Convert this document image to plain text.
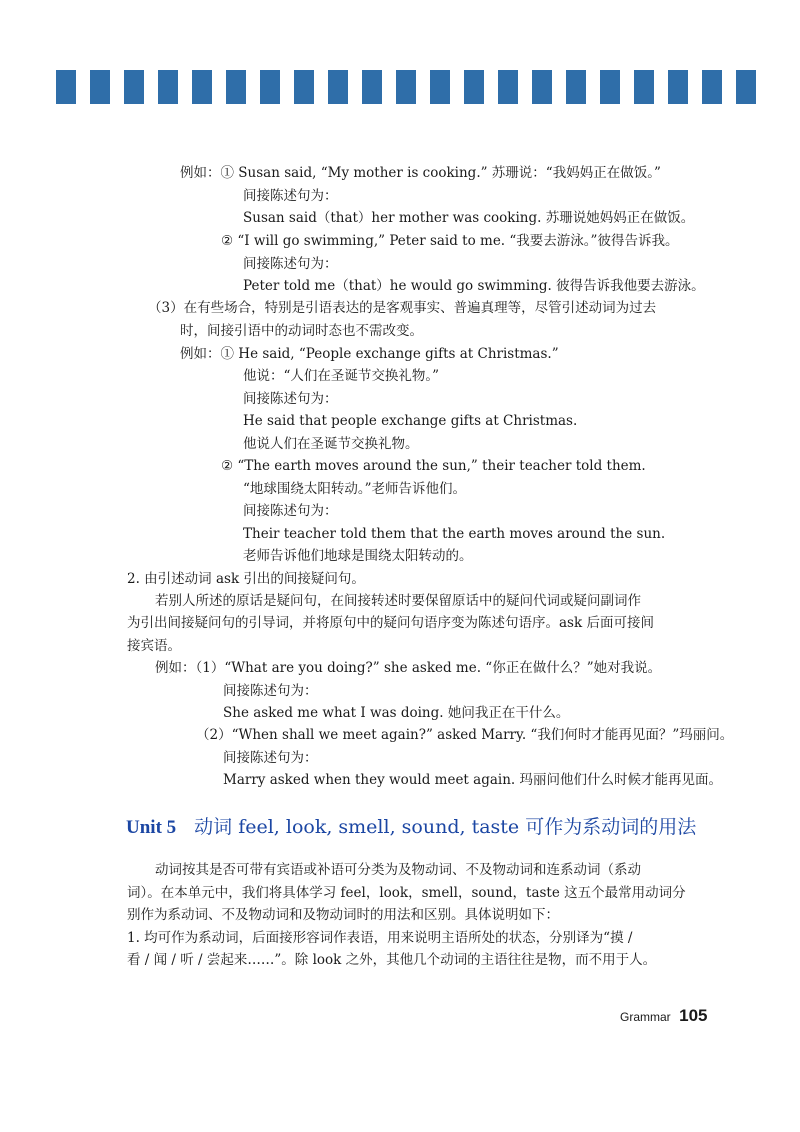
例如：① Susan said, “My mother is cooking.” 苏珊说：“我妈妈正在做饭。”
间接陈述句为：
Susan said（that）her mother was cooking. 苏珊说她妈妈正在做饭。
② “I will go swimming,” Peter said to me. “我要去游泳。”彼得告诉我。
间接陈述句为：
Peter told me（that）he would go swimming. 彼得告诉我他要去游泳。
（3）在有些场合，特别是引语表达的是客观事实、普遍真理等，尽管引述动词为过去
时，间接引语中的动词时态也不需改变。
例如：① He said, “People exchange gifts at Christmas.”
他说：“人们在圣诞节交换礼物。”
间接陈述句为：
He said that people exchange gifts at Christmas.
他说人们在圣诞节交换礼物。
② “The earth moves around the sun,” their teacher told them.
“地球围绕太阳转动。”老师告诉他们。
间接陈述句为：
Their teacher told them that the earth moves around the sun.
老师告诉他们地球是围绕太阳转动的。
2. 由引述动词 ask 引出的间接疑问句。
若别人所述的原话是疑问句，在间接转述时要保留原话中的疑问代词或疑问副词作
为引出间接疑问句的引导词，并将原句中的疑问句语序变为陈述句语序。ask 后面可接间
接宾语。
例如：（1）“What are you doing?” she asked me. “你正在做什么？”她对我说。
间接陈述句为：
She asked me what I was doing. 她问我正在干什么。
（2）“When shall we meet again?” asked Marry. “我们何时才能再见面？”玛丽问。
间接陈述句为：
Marry asked when they would meet again. 玛丽问他们什么时候才能再见面。
动词按其是否可带有宾语或补语可分类为及物动词、不及物动词和连系动词（系动
词）。在本单元中，我们将具体学习 feel，look，smell，sound，taste 这五个最常用动词分
别作为系动词、不及物动词和及物动词时的用法和区别。具体说明如下：
1. 均可作为系动词，后面接形容词作表语，用来说明主语所处的状态，分别译为“摸 /
看 / 闻 / 听 / 尝起来……”。除 look 之外，其他几个动词的主语往往是物，而不用于人。
Unit 5 动词 feel, look, smell, sound, taste 可作为系动词的用法
Grammar 105
